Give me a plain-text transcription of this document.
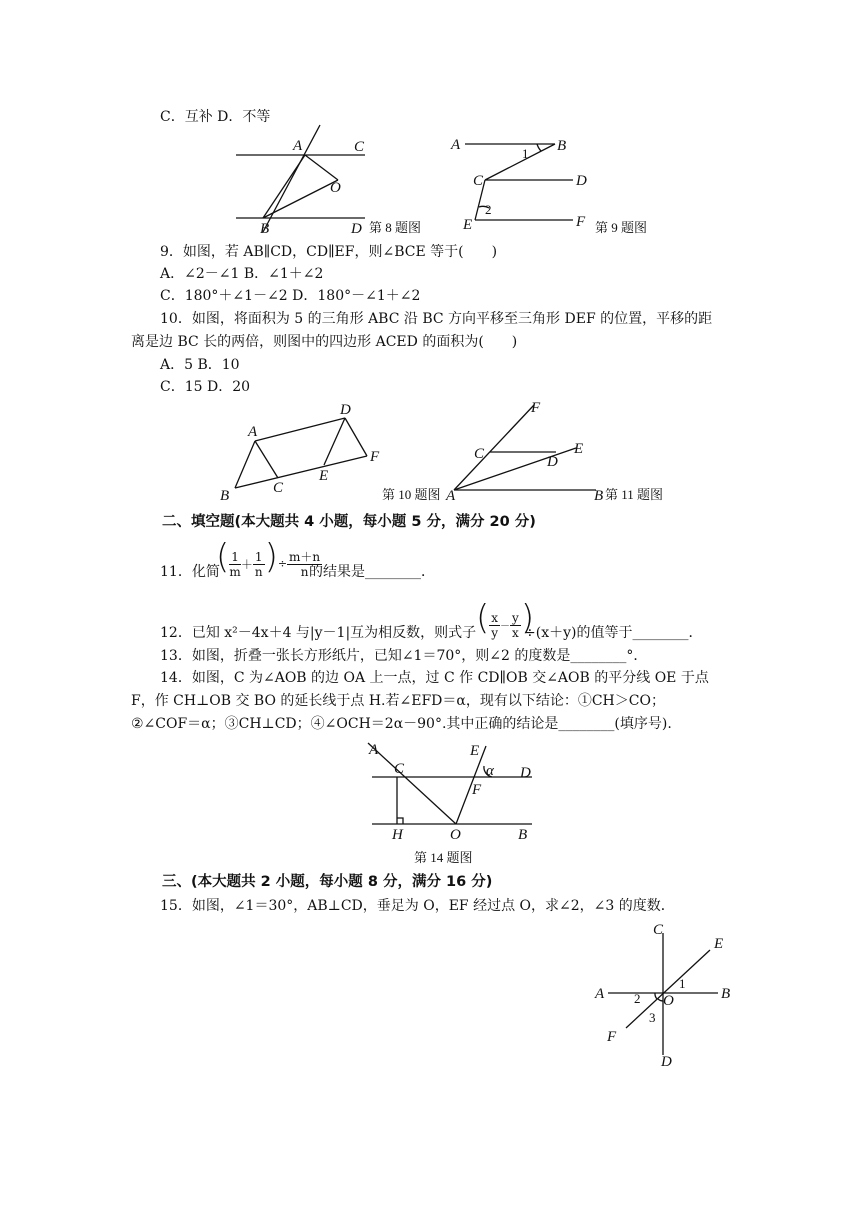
C．互补 D．不等
A	C
O
B	D 第 8 题图
A	B
1
C	D
2
E	F 第 9 题图
9．如图，若 AB∥CD，CD∥EF，则∠BCE 等于(　　)
A．∠2－∠1 B．∠1＋∠2
C．180°＋∠1－∠2 D．180°－∠1＋∠2
10．如图，将面积为 5 的三角形 ABC 沿 BC 方向平移至三角形 DEF 的位置，平移的距
离是边 BC 长的两倍，则图中的四边形 ACED 的面积为(　　)
A．5 B．10
C．15 D．20
A
D
F
E
C
B	第 10 题图 A	B 第 11 题图
C	D
E
F
二、填空题(本大题共 4 小题，每小题 5 分，满分 20 分)
11．化简
( $\frac{1}{m} + \frac{1}{n}$ )÷ $\frac{m+n}{n}$
的结果是________．
12．已知 x²－4x＋4 与|y－1|互为相反数，则式子 ( $\frac{x}{y} - \frac{y}{x}$ )
÷(x＋y)的值等于________．
13．如图，折叠一张长方形纸片，已知∠1＝70°，则∠2 的度数是________°．
14．如图，C 为∠AOB 的边 OA 上一点，过 C 作 CD∥OB 交∠AOB 的平分线 OE 于点
F，作 CH⊥OB 交 BO 的延长线于点 H.若∠EFD＝α，现有以下结论：①CH＞CO；
②∠COF＝α；③CH⊥CD；④∠OCH＝2α－90°.其中正确的结论是________(填序号).
A
C
E
α D
F
H	O	B
第 14 题图
三、(本大题共 2 小题，每小题 8 分，满分 16 分)
15．如图，∠1＝30°，AB⊥CD，垂足为 O，EF 经过点 O，求∠2，∠3 的度数．
C
E
A	B
1
2 O
3
F
D
